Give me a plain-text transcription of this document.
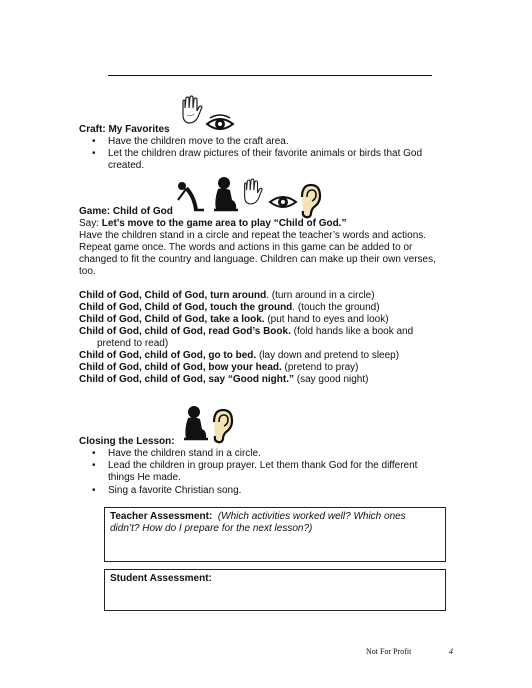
Craft: My Favorites
• Have the children move to the craft area.
• Let the children draw pictures of their favorite animals or birds that God
created.
Game: Child of God
Say: Let’s move to the game area to play “Child of God.”
Have the children stand in a circle and repeat the teacher’s words and actions.
Repeat game once. The words and actions in this game can be added to or
changed to fit the country and language. Children can make up their own verses,
too.
Child of God, Child of God, turn around. (turn around in a circle)
Child of God, Child of God, touch the ground. (touch the ground)
Child of God, Child of God, take a look. (put hand to eyes and look)
Child of God, child of God, read God’s Book. (fold hands like a book and
pretend to read)
Child of God, child of God, go to bed. (lay down and pretend to sleep)
Child of God, child of God, bow your head. (pretend to pray)
Child of God, child of God, say “Good night.” (say good night)
Closing the Lesson:
• Have the children stand in a circle.
• Lead the children in group prayer. Let them thank God for the different
things He made.
• Sing a favorite Christian song.
Teacher Assessment: (Which activities worked well? Which ones
didn’t? How do I prepare for the next lesson?)
Student Assessment:
Not For Profit	4
